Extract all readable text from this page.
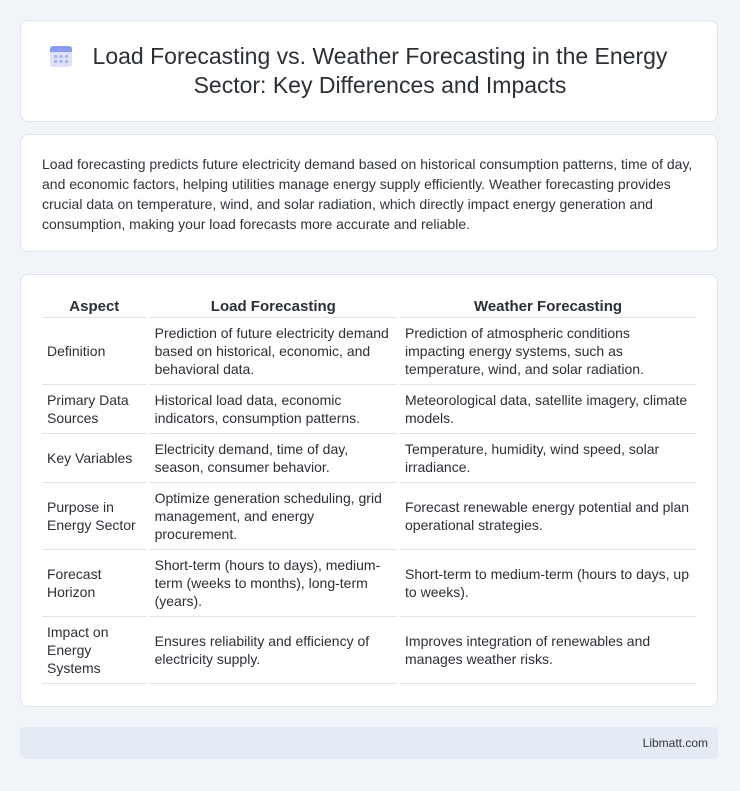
Load Forecasting vs. Weather Forecasting in the Energy Sector: Key Differences and Impacts

Load forecasting predicts future electricity demand based on historical consumption patterns, time of day, and economic factors, helping utilities manage energy supply efficiently. Weather forecasting provides crucial data on temperature, wind, and solar radiation, which directly impact energy generation and consumption, making your load forecasts more accurate and reliable.

Aspect	Load Forecasting	Weather Forecasting
Definition	Prediction of future electricity demand based on historical, economic, and behavioral data.	Prediction of atmospheric conditions impacting energy systems, such as temperature, wind, and solar radiation.
Primary Data Sources	Historical load data, economic indicators, consumption patterns.	Meteorological data, satellite imagery, climate models.
Key Variables	Electricity demand, time of day, season, consumer behavior.	Temperature, humidity, wind speed, solar irradiance.
Purpose in Energy Sector	Optimize generation scheduling, grid management, and energy procurement.	Forecast renewable energy potential and plan operational strategies.
Forecast Horizon	Short-term (hours to days), medium-term (weeks to months), long-term (years).	Short-term to medium-term (hours to days, up to weeks).
Impact on Energy Systems	Ensures reliability and efficiency of electricity supply.	Improves integration of renewables and manages weather risks.
Libmatt.com
